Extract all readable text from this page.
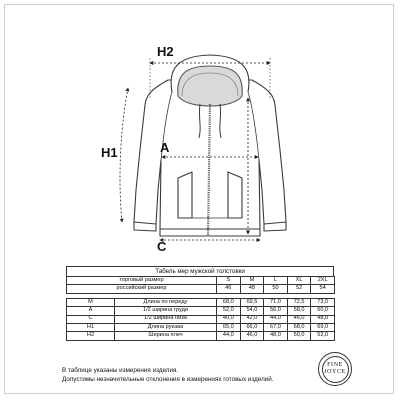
H2
H1	A
C
Табель мер мужской толстовки
торговый размер		S	M	L	XL	2XL
российский размер		46	48	50	52	54

M	Длина по переду	68,0	69,5	71,0	72,5	73,0
A	1/2 ширина груди	52,0	54,0	56,0	58,0	60,0
C	1/2 ширина низа	40,0	42,0	44,0	46,0	48,0
H1	Длина рукава	65,0	66,0	67,0	68,0	69,0
H2	Ширина плеч	44,0	46,0	48,0	50,0	52,0
В таблице указаны измерения изделия.
Допустимы незначительные отклонения в измерениях готовых изделий.
FINE
JOYCE
